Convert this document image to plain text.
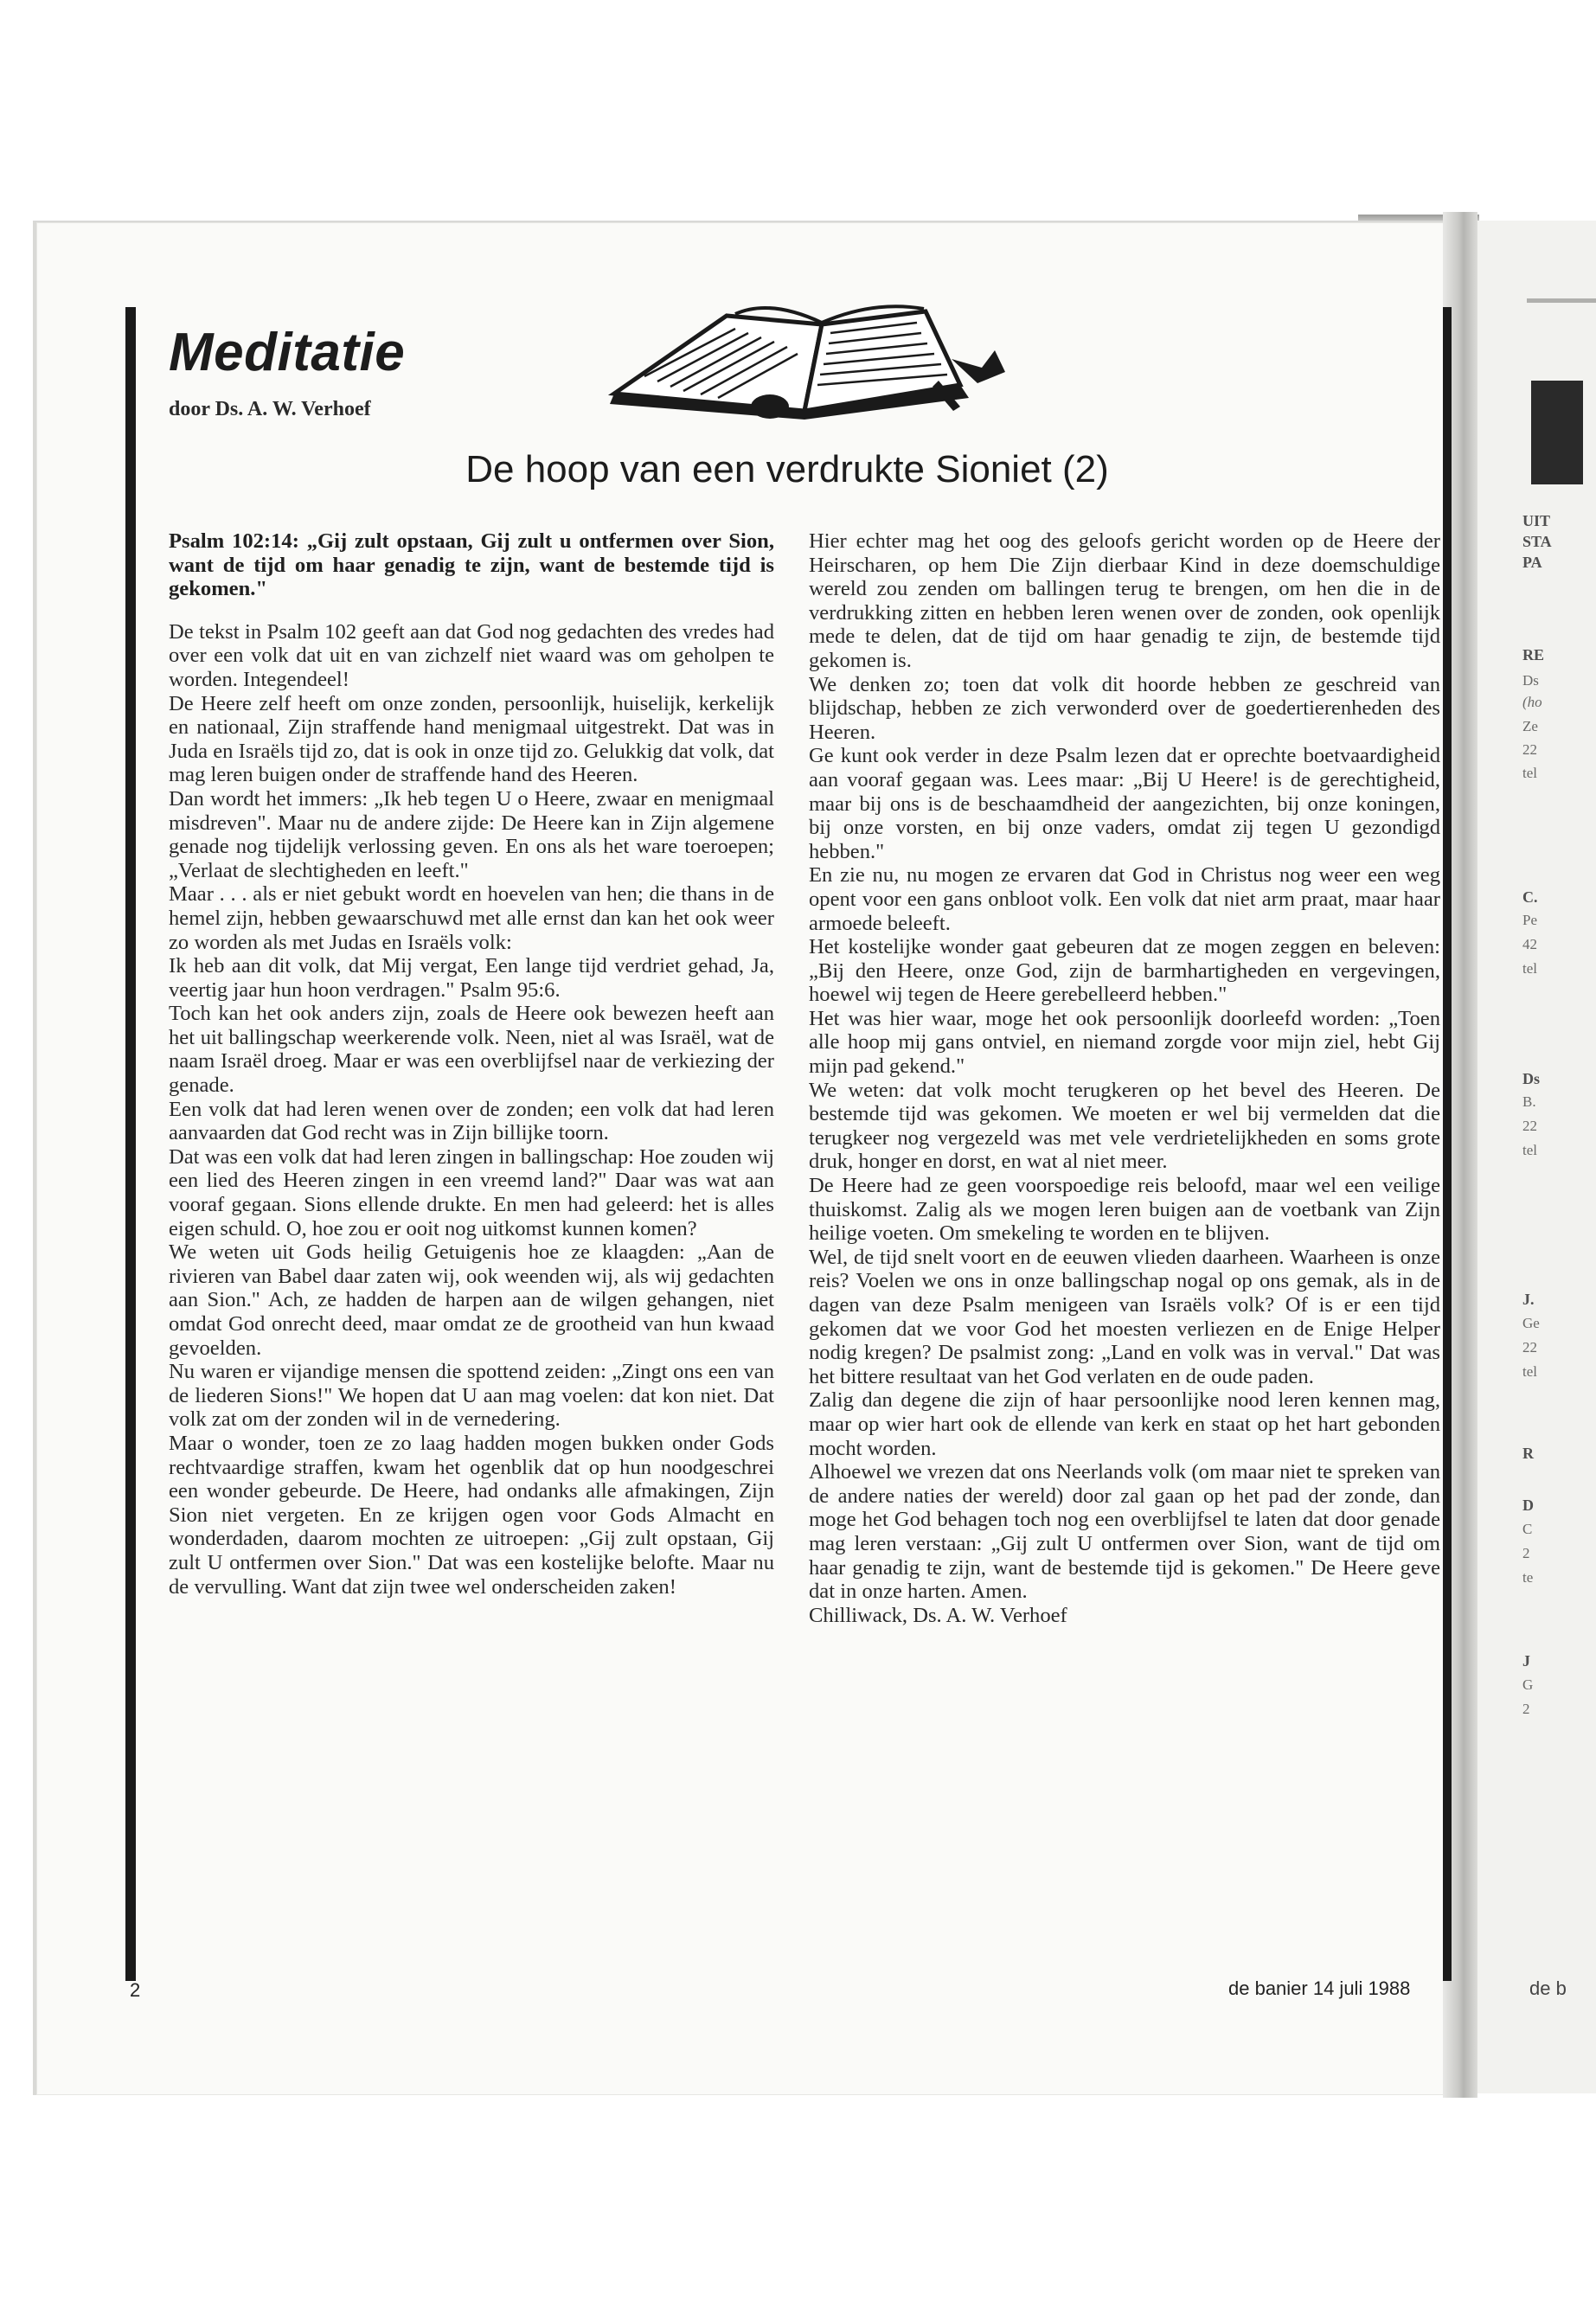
Meditatie
door Ds. A. W. Verhoef
De hoop van een verdrukte Sioniet (2)

Psalm 102:14: „Gij zult opstaan, Gij zult u ontfermen over Sion, want de tijd om haar genadig te zijn, want de bestemde tijd is gekomen."

De tekst in Psalm 102 geeft aan dat God nog gedachten des vredes had over een volk dat uit en van zichzelf niet waard was om geholpen te worden. Integendeel!

De Heere zelf heeft om onze zonden, persoonlijk, huiselijk, kerkelijk en nationaal, Zijn straffende hand menigmaal uitgestrekt. Dat was in Juda en Israëls tijd zo, dat is ook in onze tijd zo. Gelukkig dat volk, dat mag leren buigen onder de straffende hand des Heeren.

Dan wordt het immers: „Ik heb tegen U o Heere, zwaar en menigmaal misdreven". Maar nu de andere zijde: De Heere kan in Zijn algemene genade nog tijdelijk verlossing geven. En ons als het ware toeroepen; „Verlaat de slechtigheden en leeft."

Maar . . . als er niet gebukt wordt en hoevelen van hen; die thans in de hemel zijn, hebben gewaarschuwd met alle ernst dan kan het ook weer zo worden als met Judas en Israëls volk:

Ik heb aan dit volk, dat Mij vergat, Een lange tijd verdriet gehad, Ja, veertig jaar hun hoon verdragen." Psalm 95:6.

Toch kan het ook anders zijn, zoals de Heere ook bewezen heeft aan het uit ballingschap weerkerende volk. Neen, niet al was Israël, wat de naam Israël droeg. Maar er was een overblijfsel naar de verkiezing der genade.

Een volk dat had leren wenen over de zonden; een volk dat had leren aanvaarden dat God recht was in Zijn billijke toorn.

Dat was een volk dat had leren zingen in ballingschap: Hoe zouden wij een lied des Heeren zingen in een vreemd land?" Daar was wat aan vooraf gegaan. Sions ellende drukte. En men had geleerd: het is alles eigen schuld. O, hoe zou er ooit nog uitkomst kunnen komen?

We weten uit Gods heilig Getuigenis hoe ze klaagden: „Aan de rivieren van Babel daar zaten wij, ook weenden wij, als wij gedachten aan Sion." Ach, ze hadden de harpen aan de wilgen gehangen, niet omdat God onrecht deed, maar omdat ze de grootheid van hun kwaad gevoelden.

Nu waren er vijandige mensen die spottend zeiden: „Zingt ons een van de liederen Sions!" We hopen dat U aan mag voelen: dat kon niet. Dat volk zat om der zonden wil in de vernedering.

Maar o wonder, toen ze zo laag hadden mogen bukken onder Gods rechtvaardige straffen, kwam het ogenblik dat op hun noodgeschrei een wonder gebeurde. De Heere, had ondanks alle afmakingen, Zijn Sion niet vergeten. En ze krijgen ogen voor Gods Almacht en wonderdaden, daarom mochten ze uitroepen: „Gij zult opstaan, Gij zult U ontfermen over Sion." Dat was een kostelijke belofte. Maar nu de vervulling. Want dat zijn twee wel onderscheiden zaken!

Hier echter mag het oog des geloofs gericht worden op de Heere der Heirscharen, op hem Die Zijn dierbaar Kind in deze doemschuldige wereld zou zenden om ballingen terug te brengen, om hen die in de verdrukking zitten en hebben leren wenen over de zonden, ook openlijk mede te delen, dat de tijd om haar genadig te zijn, de bestemde tijd gekomen is.

We denken zo; toen dat volk dit hoorde hebben ze geschreid van blijdschap, hebben ze zich verwonderd over de goedertierenheden des Heeren.

Ge kunt ook verder in deze Psalm lezen dat er oprechte boetvaardigheid aan vooraf gegaan was. Lees maar: „Bij U Heere! is de gerechtigheid, maar bij ons is de beschaamdheid der aangezichten, bij onze koningen, bij onze vorsten, en bij onze vaders, omdat zij tegen U gezondigd hebben."

En zie nu, nu mogen ze ervaren dat God in Christus nog weer een weg opent voor een gans onbloot volk. Een volk dat niet arm praat, maar haar armoede beleeft.

Het kostelijke wonder gaat gebeuren dat ze mogen zeggen en beleven: „Bij den Heere, onze God, zijn de barmhartigheden en vergevingen, hoewel wij tegen de Heere gerebelleerd hebben."

Het was hier waar, moge het ook persoonlijk doorleefd worden: „Toen alle hoop mij gans ontviel, en niemand zorgde voor mijn ziel, hebt Gij mijn pad gekend."

We weten: dat volk mocht terugkeren op het bevel des Heeren. De bestemde tijd was gekomen. We moeten er wel bij vermelden dat die terugkeer nog vergezeld was met vele verdrietelijkheden en soms grote druk, honger en dorst, en wat al niet meer.

De Heere had ze geen voorspoedige reis beloofd, maar wel een veilige thuiskomst. Zalig als we mogen leren buigen aan de voetbank van Zijn heilige voeten. Om smekeling te worden en te blijven.

Wel, de tijd snelt voort en de eeuwen vlieden daarheen. Waarheen is onze reis? Voelen we ons in onze ballingschap nogal op ons gemak, als in de dagen van deze Psalm menigeen van Israëls volk? Of is er een tijd gekomen dat we voor God het moesten verliezen en de Enige Helper nodig kregen? De psalmist zong: „Land en volk was in verval." Dat was het bittere resultaat van het God verlaten en de oude paden.

Zalig dan degene die zijn of haar persoonlijke nood leren kennen mag, maar op wier hart ook de ellende van kerk en staat op het hart gebonden mocht worden.

Alhoewel we vrezen dat ons Neerlands volk (om maar niet te spreken van de andere naties der wereld) door zal gaan op het pad der zonde, dan moge het God behagen toch nog een overblijfsel te laten dat door genade mag leren verstaan: „Gij zult U ontfermen over Sion, want de tijd om haar genadig te zijn, want de bestemde tijd is gekomen." De Heere geve dat in onze harten. Amen.

Chilliwack, Ds. A. W. Verhoef

2	de banier 14 juli 1988
UIT
STA
PA
RE
Ds
(ho
Ze
22
tel
C.
Pe
42
tel
Ds
B.
22
tel
J.
Ge
22
tel
R
D
C
2
te
J
G
2
de b
